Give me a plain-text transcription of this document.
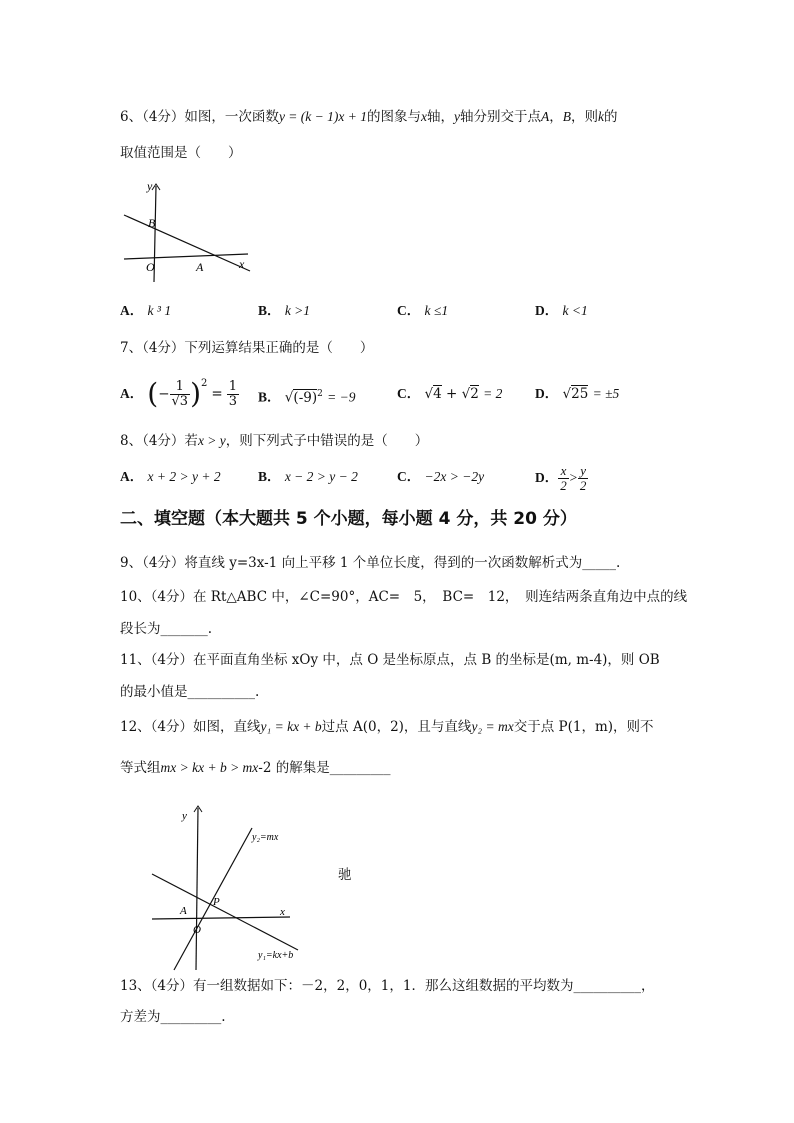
6、（4分）如图，一次函数y = (k − 1)x + 1的图象与x轴，y轴分别交于点A，B，则k的
取值范围是（　　）
y
B
O	A	x
A． k ³ 1	B． k >1	C． k ≤1	D． k <1
7、（4分）下列运算结果正确的是（　　）
A． ( − $\frac{1}{√3} )^2$
= $\frac{1}{3}$ B． $√(-9)^2 = -9$	C． √4 + √2 = 2 D． √25 = ±5
8、（4分）若x > y，则下列式子中错误的是（　　）
A． x + 2 > y + 2	B． x − 2 > y − 2	C． −2x > −2y	D． $\frac{x}{2} > \frac{y}{2}$
二、填空题（本大题共 5 个小题，每小题 4 分，共 20 分）
9、（4分）将直线 y=3x-1 向上平移 1 个单位长度，得到的一次函数解析式为_____.
10、（4分）在 Rt△ABC 中，∠C=90°，AC=　5，　BC=　12，　则连结两条直角边中点的线
段长为_______.
11、（4分）在平面直角坐标 xOy 中，点 O 是坐标原点，点 B 的坐标是(m, m-4)，则 OB
的最小值是__________.
12、（4分）如图，直线y₁ = kx + b过点 A(0，2)，且与直线y₂ = mx交于点 P(1，m)，则不
等式组mx > kx + b > mx-2 的解集是_________
y
y₂=mx
A
P
x
O
y₁=kx+b
驰
13、（4分）有一组数据如下：－2，2，0，1，1．那么这组数据的平均数为__________，
方差为_________.
